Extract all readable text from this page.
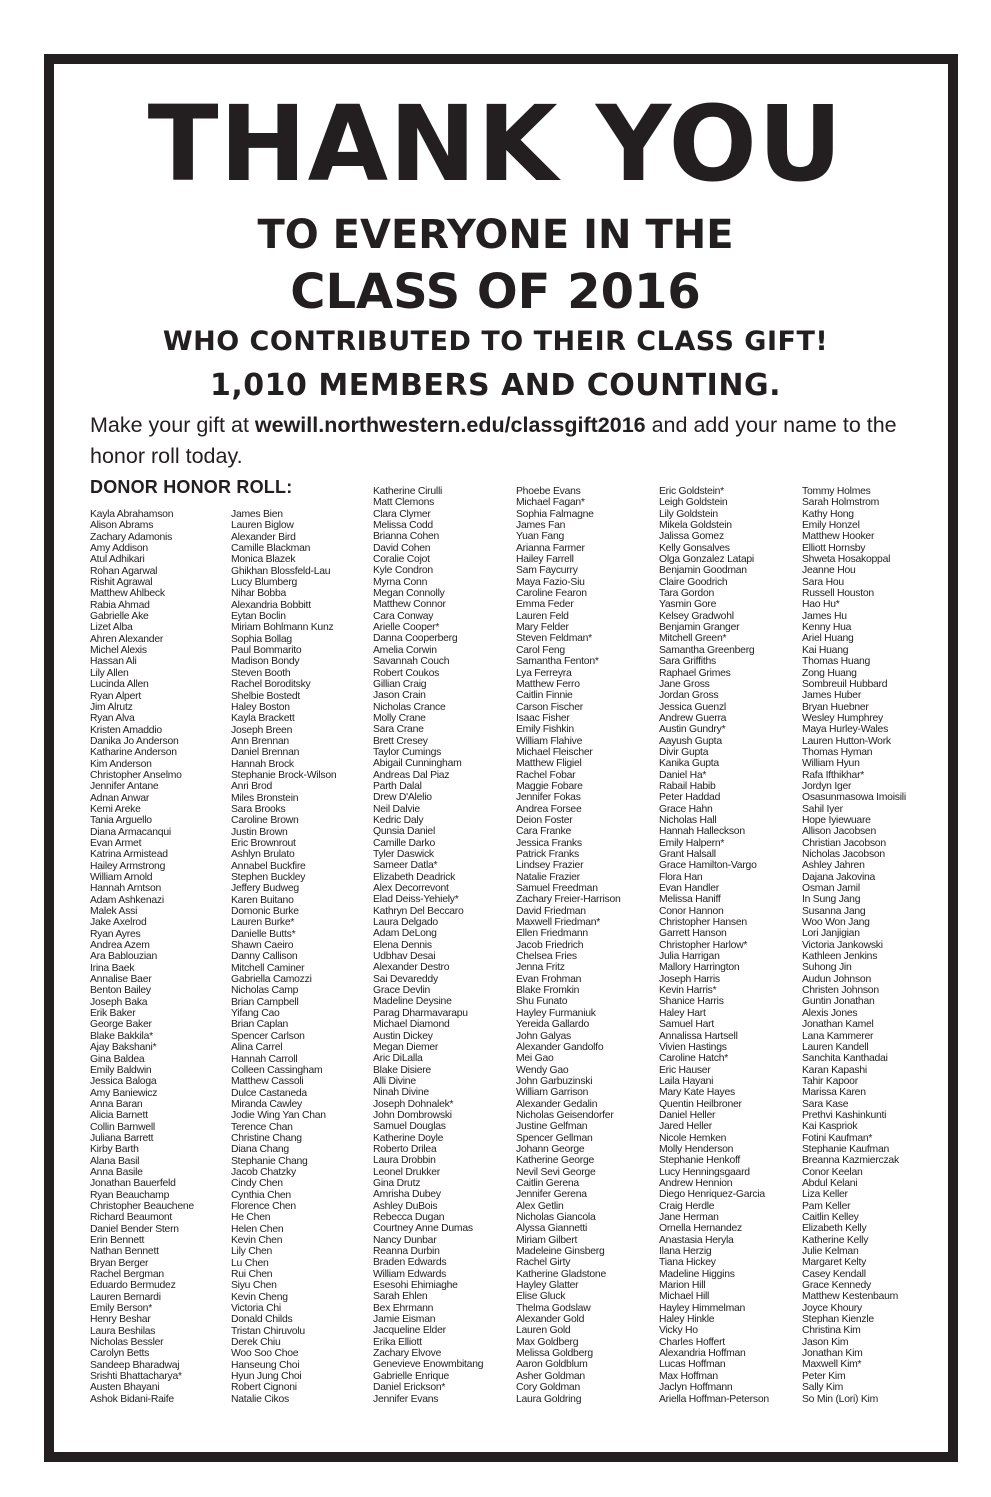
THANK YOU
TO EVERYONE IN THE
CLASS OF 2016
WHO CONTRIBUTED TO THEIR CLASS GIFT!
1,010 MEMBERS AND COUNTING.

Make your gift at wewill.northwestern.edu/classgift2016 and add your name to the honor roll today.

DONOR HONOR ROLL:
Kayla Abrahamson
Alison Abrams
Zachary Adamonis
Amy Addison
Atul Adhikari
Rohan Agarwal
Rishit Agrawal
Matthew Ahlbeck
Rabia Ahmad
Gabrielle Ake
Lizet Alba
Ahren Alexander
Michel Alexis
Hassan Ali
Lily Allen
Lucinda Allen
Ryan Alpert
Jim Alrutz
Ryan Alva
Kristen Amaddio
Danika Jo Anderson
Katharine Anderson
Kim Anderson
Christopher Anselmo
Jennifer Antane
Adnan Anwar
Kemi Areke
Tania Arguello
Diana Armacanqui
Evan Armet
Katrina Armistead
Hailey Armstrong
William Arnold
Hannah Arntson
Adam Ashkenazi
Malek Assi
Jake Axelrod
Ryan Ayres
Andrea Azem
Ara Bablouzian
Irina Baek
Annalise Baer
Benton Bailey
Joseph Baka
Erik Baker
George Baker
Blake Bakkila*
Ajay Bakshani*
Gina Baldea
Emily Baldwin
Jessica Baloga
Amy Baniewicz
Anna Baran
Alicia Barnett
Collin Barnwell
Juliana Barrett
Kirby Barth
Alana Basil
Anna Basile
Jonathan Bauerfeld
Ryan Beauchamp
Christopher Beauchene
Richard Beaumont
Daniel Bender Stern
Erin Bennett
Nathan Bennett
Bryan Berger
Rachel Bergman
Eduardo Bermudez
Lauren Bernardi
Emily Berson*
Henry Beshar
Laura Beshilas
Nicholas Bessler
Carolyn Betts
Sandeep Bharadwaj
Srishti Bhattacharya*
Austen Bhayani
Ashok Bidani-Raife
James Bien
Lauren Biglow
Alexander Bird
Camille Blackman
Monica Blazek
Ghikhan Blossfeld-Lau
Lucy Blumberg
Nihar Bobba
Alexandria Bobbitt
Eytan Boclin
Miriam Bohlmann Kunz
Sophia Bollag
Paul Bommarito
Madison Bondy
Steven Booth
Rachel Boroditsky
Shelbie Bostedt
Haley Boston
Kayla Brackett
Joseph Breen
Ann Brennan
Daniel Brennan
Hannah Brock
Stephanie Brock-Wilson
Anri Brod
Miles Bronstein
Sara Brooks
Caroline Brown
Justin Brown
Eric Brownrout
Ashlyn Brulato
Annabel Buckfire
Stephen Buckley
Jeffery Budweg
Karen Buitano
Domonic Burke
Lauren Burke*
Danielle Butts*
Shawn Caeiro
Danny Callison
Mitchell Caminer
Gabriella Camozzi
Nicholas Camp
Brian Campbell
Yifang Cao
Brian Caplan
Spencer Carlson
Alina Carrel
Hannah Carroll
Colleen Cassingham
Matthew Cassoli
Dulce Castaneda
Miranda Cawley
Jodie Wing Yan Chan
Terence Chan
Christine Chang
Diana Chang
Stephanie Chang
Jacob Chatzky
Cindy Chen
Cynthia Chen
Florence Chen
He Chen
Helen Chen
Kevin Chen
Lily Chen
Lu Chen
Rui Chen
Siyu Chen
Kevin Cheng
Victoria Chi
Donald Childs
Tristan Chiruvolu
Derek Chiu
Woo Soo Choe
Hanseung Choi
Hyun Jung Choi
Robert Cignoni
Natalie Cikos
Katherine Cirulli
Matt Clemons
Clara Clymer
Melissa Codd
Brianna Cohen
David Cohen
Coralie Cojot
Kyle Condron
Myrna Conn
Megan Connolly
Matthew Connor
Cara Conway
Arielle Cooper*
Danna Cooperberg
Amelia Corwin
Savannah Couch
Robert Coukos
Gillian Craig
Jason Crain
Nicholas Crance
Molly Crane
Sara Crane
Brett Cresey
Taylor Cumings
Abigail Cunningham
Andreas Dal Piaz
Parth Dalal
Drew D'Alelio
Neil Dalvie
Kedric Daly
Qunsia Daniel
Camille Darko
Tyler Daswick
Sameer Datla*
Elizabeth Deadrick
Alex Decorrevont
Elad Deiss-Yehiely*
Kathryn Del Beccaro
Laura Delgado
Adam DeLong
Elena Dennis
Udbhav Desai
Alexander Destro
Sai Devareddy
Grace Devlin
Madeline Deysine
Parag Dharmavarapu
Michael Diamond
Austin Dickey
Megan Diemer
Aric DiLalla
Blake Disiere
Alli Divine
Ninah Divine
Joseph Dohnalek*
John Dombrowski
Samuel Douglas
Katherine Doyle
Roberto Drilea
Laura Drobbin
Leonel Drukker
Gina Drutz
Amrisha Dubey
Ashley DuBois
Rebecca Dugan
Courtney Anne Dumas
Nancy Dunbar
Reanna Durbin
Braden Edwards
William Edwards
Esesohi Ehimiaghe
Sarah Ehlen
Bex Ehrmann
Jamie Eisman
Jacqueline Elder
Erika Elliott
Zachary Elvove
Genevieve Enowmbitang
Gabrielle Enrique
Daniel Erickson*
Jennifer Evans
Phoebe Evans
Michael Fagan*
Sophia Falmagne
James Fan
Yuan Fang
Arianna Farmer
Hailey Farrell
Sam Faycurry
Maya Fazio-Siu
Caroline Fearon
Emma Feder
Lauren Feld
Mary Felder
Steven Feldman*
Carol Feng
Samantha Fenton*
Lya Ferreyra
Matthew Ferro
Caitlin Finnie
Carson Fischer
Isaac Fisher
Emily Fishkin
William Flahive
Michael Fleischer
Matthew Fligiel
Rachel Fobar
Maggie Fobare
Jennifer Fokas
Andrea Forsee
Deion Foster
Cara Franke
Jessica Franks
Patrick Franks
Lindsey Frazier
Natalie Frazier
Samuel Freedman
Zachary Freier-Harrison
David Friedman
Maxwell Friedman*
Ellen Friedmann
Jacob Friedrich
Chelsea Fries
Jenna Fritz
Evan Frohman
Blake Fromkin
Shu Funato
Hayley Furmaniuk
Yereida Gallardo
John Galyas
Alexander Gandolfo
Mei Gao
Wendy Gao
John Garbuzinski
William Garrison
Alexander Gedalin
Nicholas Geisendorfer
Justine Gelfman
Spencer Gellman
Johann George
Katherine George
Nevil Sevi George
Caitlin Gerena
Jennifer Gerena
Alex Getlin
Nicholas Giancola
Alyssa Giannetti
Miriam Gilbert
Madeleine Ginsberg
Rachel Girty
Katherine Gladstone
Hayley Glatter
Elise Gluck
Thelma Godslaw
Alexander Gold
Lauren Gold
Max Goldberg
Melissa Goldberg
Aaron Goldblum
Asher Goldman
Cory Goldman
Laura Goldring
Eric Goldstein*
Leigh Goldstein
Lily Goldstein
Mikela Goldstein
Jalissa Gomez
Kelly Gonsalves
Olga Gonzalez Latapi
Benjamin Goodman
Claire Goodrich
Tara Gordon
Yasmin Gore
Kelsey Gradwohl
Benjamin Granger
Mitchell Green*
Samantha Greenberg
Sara Griffiths
Raphael Grimes
Jane Gross
Jordan Gross
Jessica Guenzl
Andrew Guerra
Austin Gundry*
Aayush Gupta
Divir Gupta
Kanika Gupta
Daniel Ha*
Rabail Habib
Peter Haddad
Grace Hahn
Nicholas Hall
Hannah Halleckson
Emily Halpern*
Grant Halsall
Grace Hamilton-Vargo
Flora Han
Evan Handler
Melissa Haniff
Conor Hannon
Christopher Hansen
Garrett Hanson
Christopher Harlow*
Julia Harrigan
Mallory Harrington
Joseph Harris
Kevin Harris*
Shanice Harris
Haley Hart
Samuel Hart
Annalissa Hartsell
Vivien Hastings
Caroline Hatch*
Eric Hauser
Laila Hayani
Mary Kate Hayes
Quentin Heilbroner
Daniel Heller
Jared Heller
Nicole Hemken
Molly Henderson
Stephanie Henkoff
Lucy Henningsgaard
Andrew Hennion
Diego Henriquez-Garcia
Craig Herdle
Jane Herman
Ornella Hernandez
Anastasia Heryla
Ilana Herzig
Tiana Hickey
Madeline Higgins
Marion Hill
Michael Hill
Hayley Himmelman
Haley Hinkle
Vicky Ho
Charles Hoffert
Alexandria Hoffman
Lucas Hoffman
Max Hoffman
Jaclyn Hoffmann
Ariella Hoffman-Peterson
Tommy Holmes
Sarah Holmstrom
Kathy Hong
Emily Honzel
Matthew Hooker
Elliott Hornsby
Shweta Hosakoppal
Jeanne Hou
Sara Hou
Russell Houston
Hao Hu*
James Hu
Kenny Hua
Ariel Huang
Kai Huang
Thomas Huang
Zong Huang
Sombreuil Hubbard
James Huber
Bryan Huebner
Wesley Humphrey
Maya Hurley-Wales
Lauren Hutton-Work
Thomas Hyman
William Hyun
Rafa Ifthikhar*
Jordyn Iger
Osasunmasowa Imoisili
Sahil Iyer
Hope Iyiewuare
Allison Jacobsen
Christian Jacobson
Nicholas Jacobson
Ashley Jahren
Dajana Jakovina
Osman Jamil
In Sung Jang
Susanna Jang
Woo Won Jang
Lori Janjigian
Victoria Jankowski
Kathleen Jenkins
Suhong Jin
Audun Johnson
Christen Johnson
Guntin Jonathan
Alexis Jones
Jonathan Kamel
Lana Kammerer
Lauren Kandell
Sanchita Kanthadai
Karan Kapashi
Tahir Kapoor
Marissa Karen
Sara Kase
Prethvi Kashinkunti
Kai Kaspriok
Fotini Kaufman*
Stephanie Kaufman
Breanna Kazmierczak
Conor Keelan
Abdul Kelani
Liza Keller
Pam Keller
Caitlin Kelley
Elizabeth Kelly
Katherine Kelly
Julie Kelman
Margaret Kelty
Casey Kendall
Grace Kennedy
Matthew Kestenbaum
Joyce Khoury
Stephan Kienzle
Christina Kim
Jason Kim
Jonathan Kim
Maxwell Kim*
Peter Kim
Sally Kim
So Min (Lori) Kim
